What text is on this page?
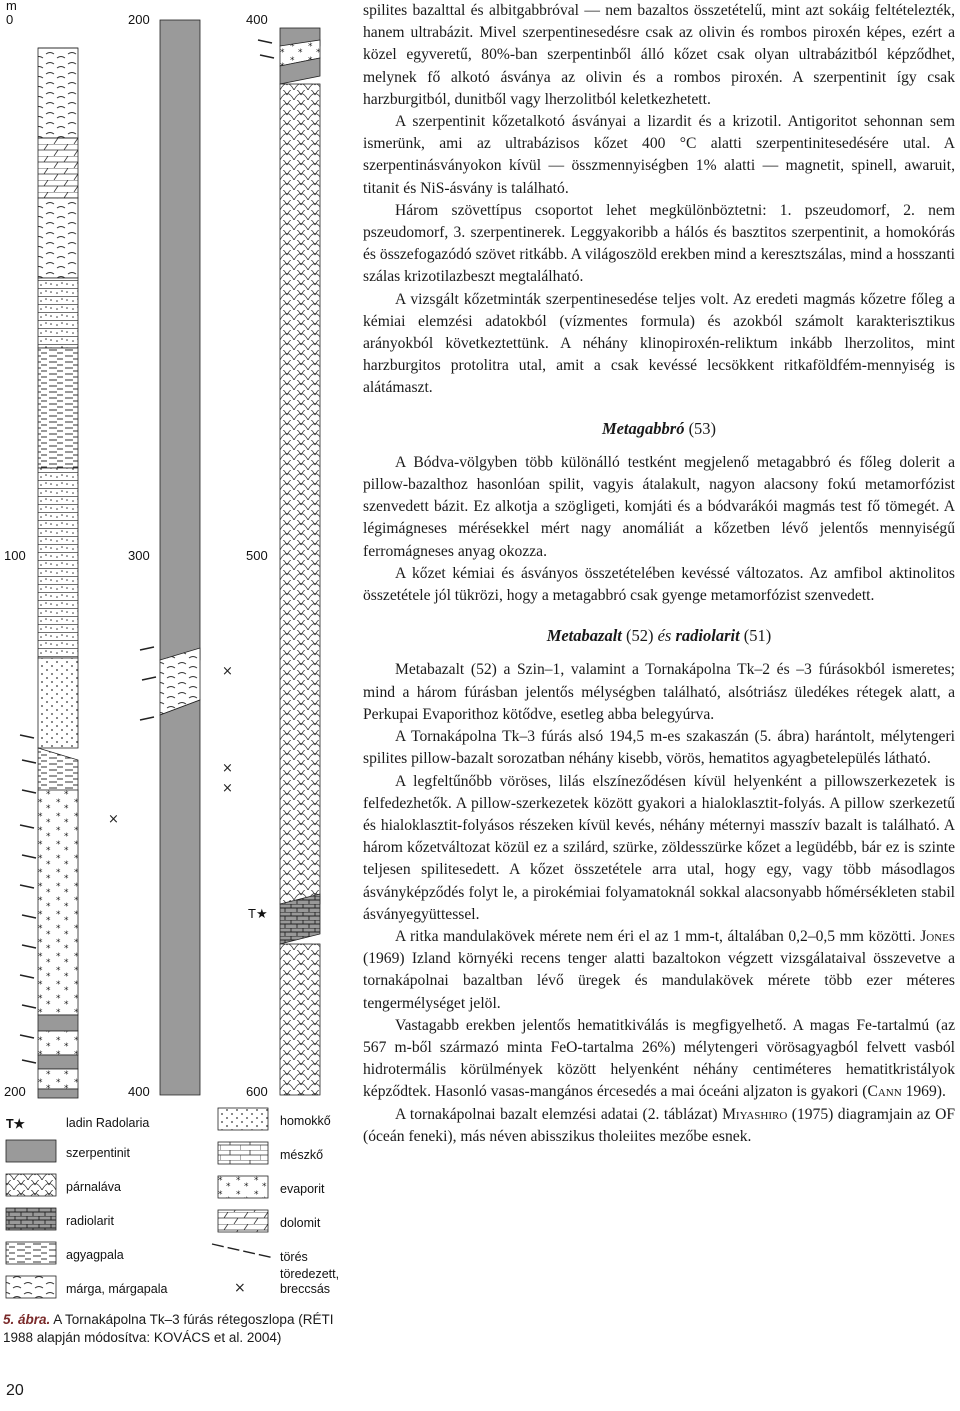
m
0	200	400
100	300	500
200	400	600
T★
×
×
×
×
×
T★	ladin Radolaria
szerpentinit
párnaláva
radiolarit
agyagpala
márga, márgapala
homokkő
mészkő
evaporit
dolomit
törés
töredezett, breccsás
5. ábra. A Tornakápolna Tk–3 fúrás rétegoszlopa (RÉTI 1988 alapján módosítva: KOVÁCS et al. 2004)
20

spilites bazalttal és albitgabbróval — nem bazaltos összetételű, mint azt sokáig feltételezték, hanem ultrabázit. Mivel szerpentinesedésre csak az olivin és rombos piroxén képes, ezért a közel egyveretű, 80%-ban szerpentinből álló kőzet csak olyan ultrabázitból képződhet, melynek fő alkotó ásványa az olivin és a rombos piroxén. A szerpentinit így csak harzburgitból, dunitből vagy lherzolitból keletkezhetett.

A szerpentinit kőzetalkotó ásványai a lizardit és a krizotil. Antigoritot sehonnan sem ismerünk, ami az ultrabázisos kőzet 400 °C alatti szerpentinitesedésére utal. A szerpentinásványokon kívül — összmennyiségben 1% alatti — magnetit, spinell, awaruit, titanit és NiS-ásvány is található.

Három szövettípus csoportot lehet megkülönböztetni: 1. pszeudomorf, 2. nem pszeudomorf, 3. szerpentinerek. Leggyakoribb a hálós és basztitos szerpentinit, a homokórás és összefogazódó szövet ritkább. A világoszöld erekben mind a keresztszálas, mind a hosszanti szálas krizotilazbeszt megtalálható.

A vizsgált kőzetminták szerpentinesedése teljes volt. Az eredeti magmás kőzetre főleg a kémiai elemzési adatokból (vízmentes formula) és azokból számolt karakterisztikus arányokból következtettünk. A néhány klinopiroxén-reliktum inkább lherzolitos, mint harzburgitos protolitra utal, amit a csak kevéssé lecsökkent ritkaföldfém-mennyiség is alátámaszt.

Metagabbró (53)

A Bódva-völgyben több különálló testként megjelenő metagabbró és főleg dolerit a pillow-bazalthoz hasonlóan spilit, vagyis átalakult, nagyon alacsony fokú metamorfózist szenvedett bázit. Ez alkotja a szögligeti, komjáti és a bódvarákói magmás test fő tömegét. A légimágneses mérésekkel mért nagy anomáliát a kőzetben lévő jelentős mennyiségű ferromágneses anyag okozza.

A kőzet kémiai és ásványos összetételében kevéssé változatos. Az amfibol aktinolitos összetétele jól tükrözi, hogy a metagabbró csak gyenge metamorfózist szenvedett.

Metabazalt (52) és radiolarit (51)

Metabazalt (52) a Szin–1, valamint a Tornakápolna Tk–2 és –3 fúrásokból ismeretes; mind a három fúrásban jelentős mélységben található, alsótriász üledékes rétegek alatt, a Perkupai Evaporithoz kötődve, esetleg abba belegyúrva.

A Tornakápolna Tk–3 fúrás alsó 194,5 m-es szakaszán (5. ábra) harántolt, mélytengeri spilites pillow-bazalt sorozatban néhány kisebb, vörös, hematitos agyagbetelepülés látható.

A legfeltűnőbb vöröses, lilás elszíneződésen kívül helyenként a pillowszerkezetek is felfedezhetők. A pillow-szerkezetek között gyakori a hialoklasztit-folyás. A pillow szerkezetű és hialoklasztit-folyásos részeken kívül kevés, néhány méternyi masszív bazalt is található. A három kőzetváltozat közül ez a szilárd, szürke, zöldesszürke kőzet a legüdébb, bár ez is szinte teljesen spilitesedett. A kőzet összetétele arra utal, hogy egy, vagy több másodlagos ásványképződés folyt le, a pirokémiai folyamatoknál sokkal alacsonyabb hőmérsékleten stabil ásványegyüttessel.

A ritka mandulakövek mérete nem éri el az 1 mm-t, általában 0,2–0,5 mm közötti. Jones (1969) Izland környéki recens tenger alatti bazaltokon végzett vizsgálataival összevetve a tornakápolnai bazaltban lévő üregek és mandulakövek mérete több ezer méteres tengermélységet jelöl.

Vastagabb erekben jelentős hematitkiválás is megfigyelhető. A magas Fe-tartalmú (az 567 m-ből származó minta FeO-tartalma 26%) mélytengeri vörösagyagból felvett vasból hidrotermális körülmények között helyenként néhány centiméteres hematitkristályok képződtek. Hasonló vasas-mangános ércesedés a mai óceáni aljzaton is gyakori (Cann 1969).

A tornakápolnai bazalt elemzési adatai (2. táblázat) Miyashiro (1975) diagramjain az OF (óceán feneki), más néven abisszikus tholeiites mezőbe esnek.
